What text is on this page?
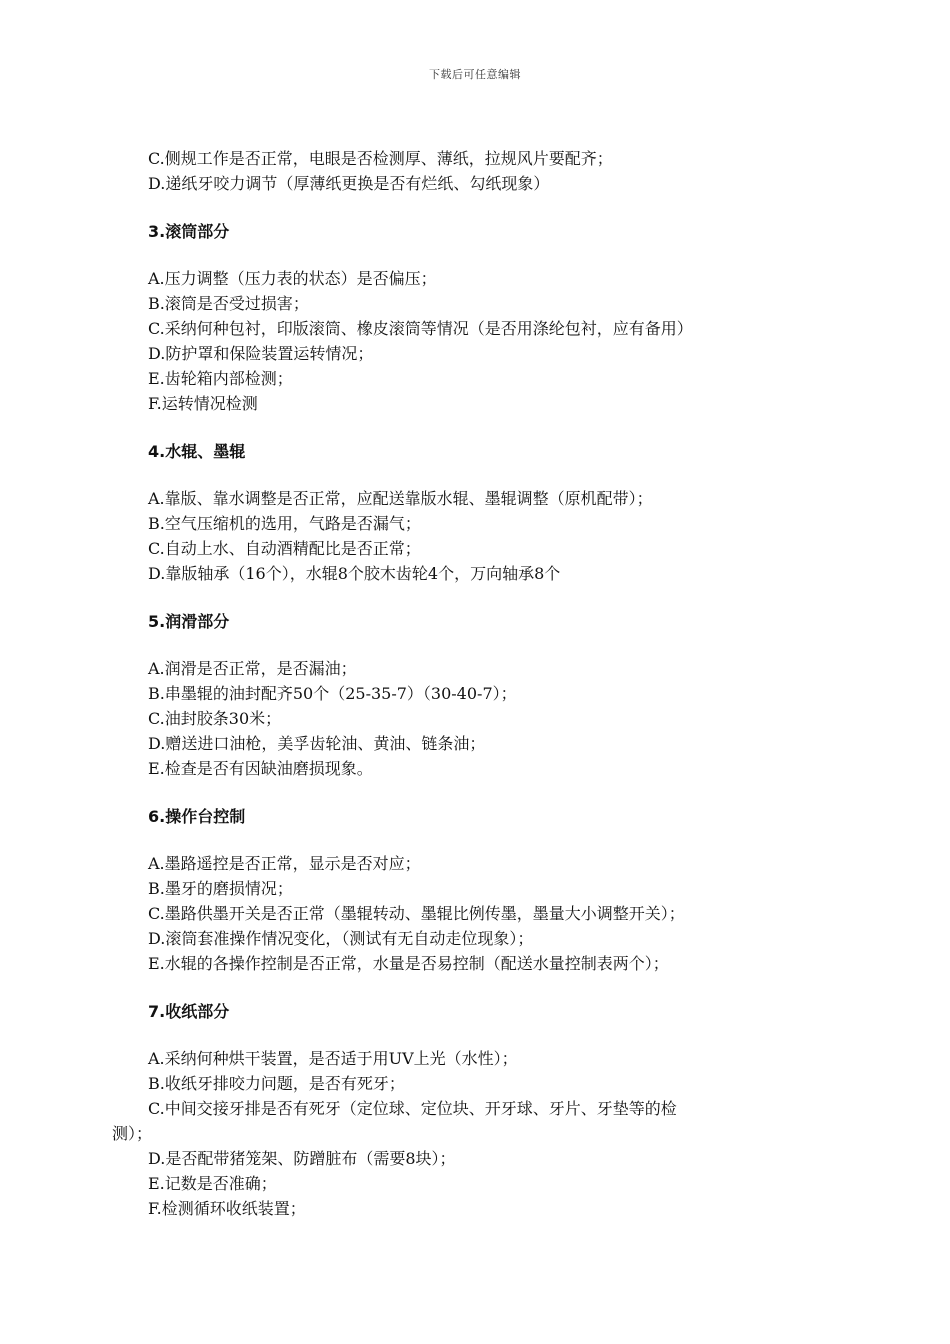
下载后可任意编辑
C.侧规工作是否正常，电眼是否检测厚、薄纸，拉规风片要配齐；
D.递纸牙咬力调节（厚薄纸更换是否有烂纸、勾纸现象）
3.滚筒部分
A.压力调整（压力表的状态）是否偏压；
B.滚筒是否受过损害；
C.采纳何种包衬，印版滚筒、橡皮滚筒等情况（是否用涤纶包衬，应有备用）
D.防护罩和保险装置运转情况；
E.齿轮箱内部检测；
F.运转情况检测
4.水辊、墨辊
A.靠版、靠水调整是否正常，应配送靠版水辊、墨辊调整（原机配带）；
B.空气压缩机的选用，气路是否漏气；
C.自动上水、自动酒精配比是否正常；
D.靠版轴承（16个），水辊8个胶木齿轮4个，万向轴承8个
5.润滑部分
A.润滑是否正常，是否漏油；
B.串墨辊的油封配齐50个（25-35-7）（30-40-7）；
C.油封胶条30米；
D.赠送进口油枪，美孚齿轮油、黄油、链条油；
E.检查是否有因缺油磨损现象。
6.操作台控制
A.墨路遥控是否正常，显示是否对应；
B.墨牙的磨损情况；
C.墨路供墨开关是否正常（墨辊转动、墨辊比例传墨，墨量大小调整开关）；
D.滚筒套准操作情况变化，（测试有无自动走位现象）；
E.水辊的各操作控制是否正常，水量是否易控制（配送水量控制表两个）；
7.收纸部分
A.采纳何种烘干装置，是否适于用UV上光（水性）；
B.收纸牙排咬力问题，是否有死牙；
C.中间交接牙排是否有死牙（定位球、定位块、开牙球、牙片、牙垫等的检
测）；
D.是否配带猪笼架、防蹭脏布（需要8块）；
E.记数是否准确；
F.检测循环收纸装置；
